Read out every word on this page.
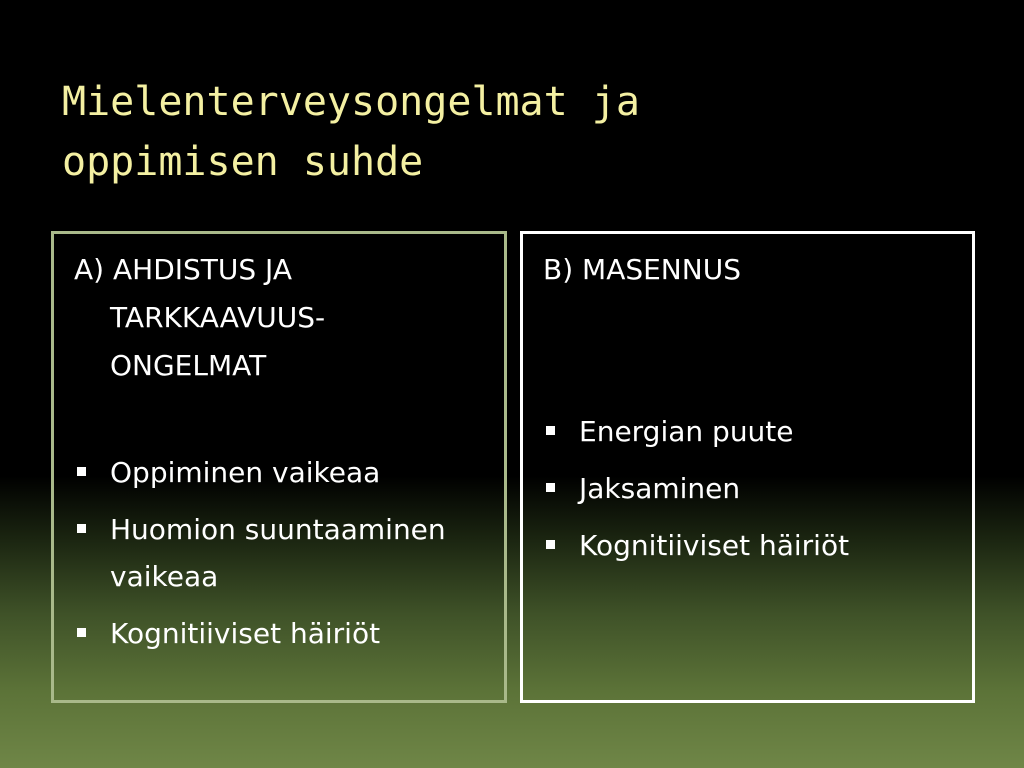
Mielenterveysongelmat ja
oppimisen suhde

A) AHDISTUS JA
TARKKAAVUUS-
ONGELMAT

Oppiminen vaikeaa
Huomion suuntaaminen vaikeaa
Kognitiiviset häiriöt

B) MASENNUS

Energian puute
Jaksaminen
Kognitiiviset häiriöt
